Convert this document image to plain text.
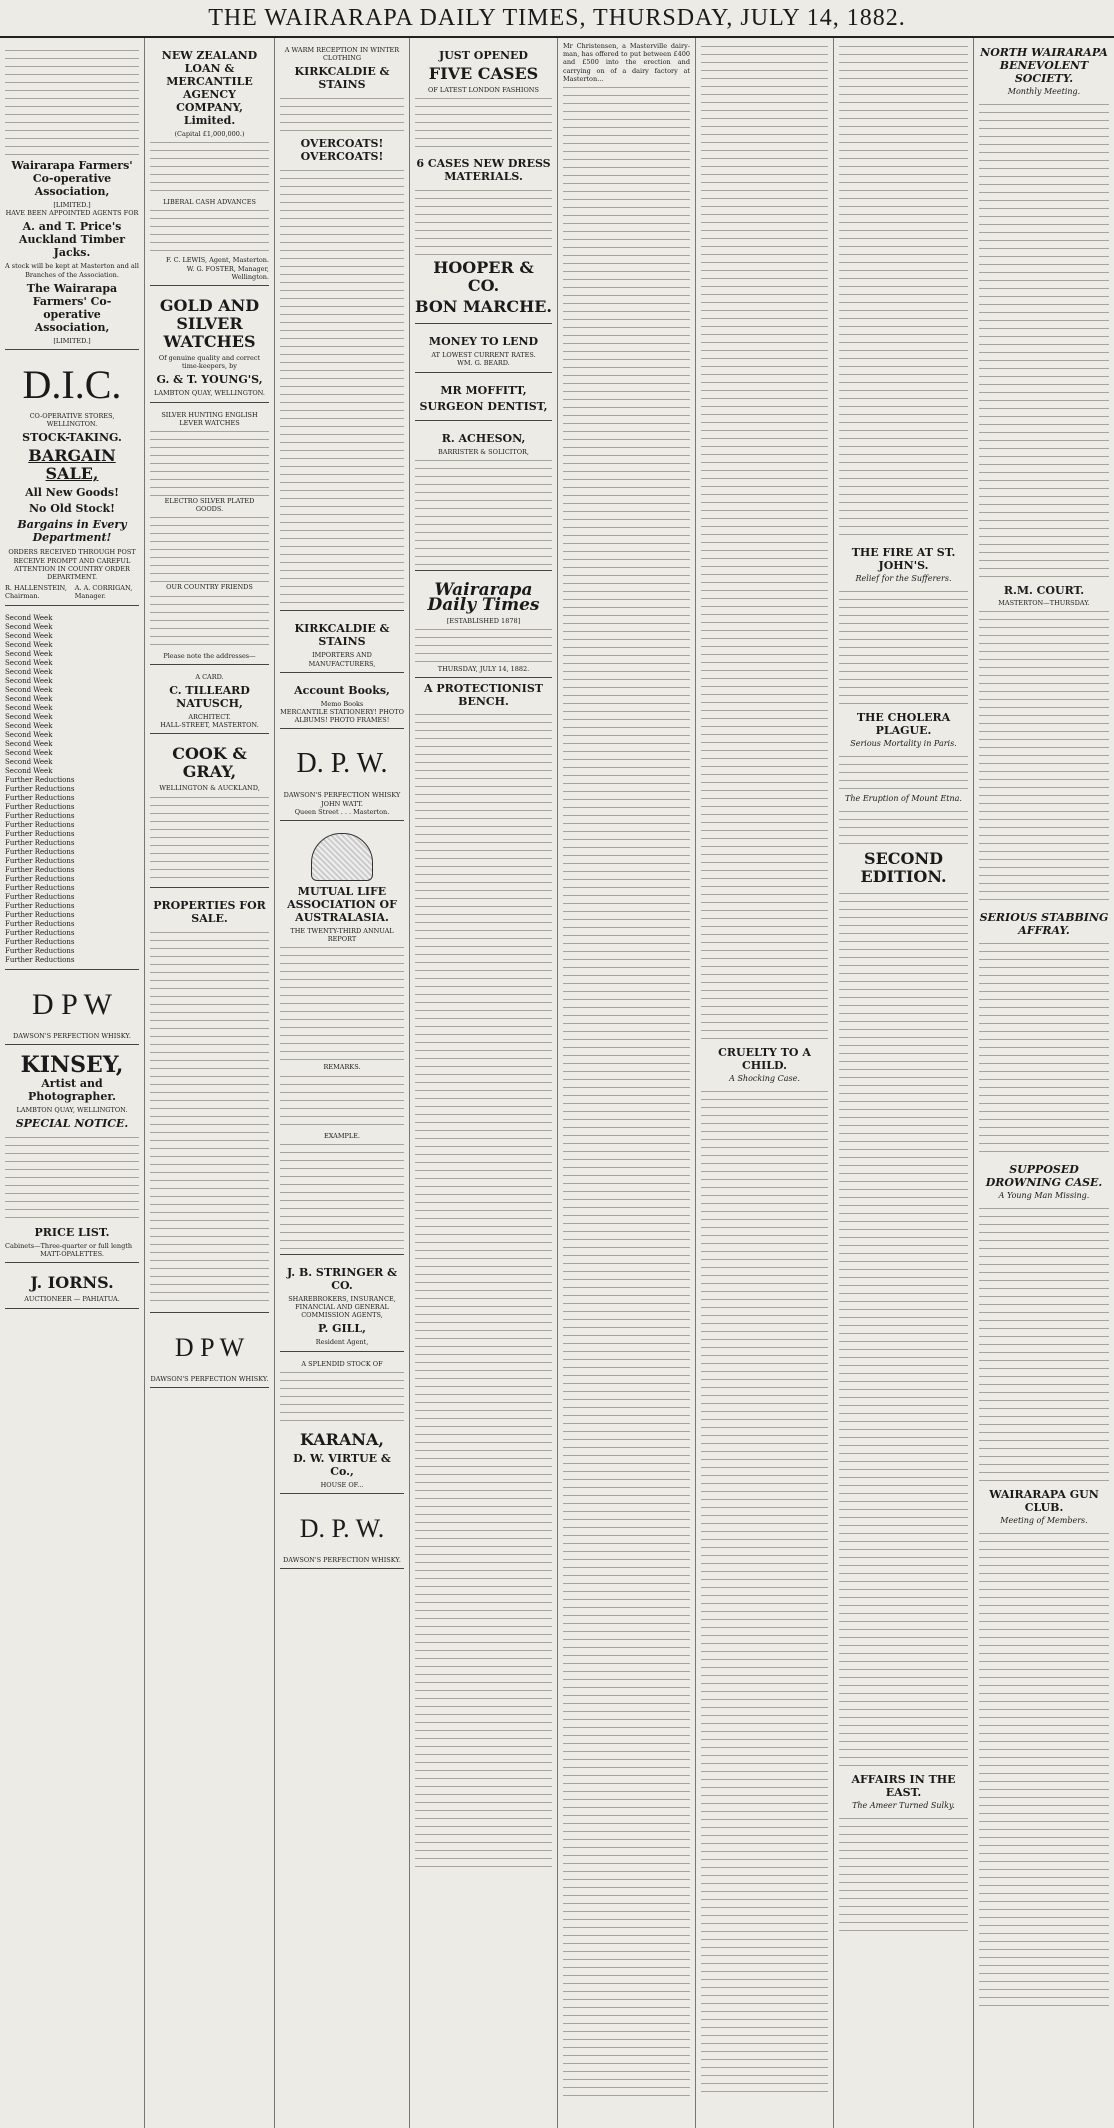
THE WAIRARAPA DAILY TIMES, THURSDAY, JULY 14, 1882.
Wairarapa Farmers' Co-operative Association,
[LIMITED.]
HAVE BEEN APPOINTED AGENTS FOR
A. and T. Price's Auckland Timber Jacks.
A stock will be kept at Masterton and all Branches of the Association.
The Wairarapa Farmers' Co-operative Association,
[LIMITED.]
D.I.C.
CO-OPERATIVE STORES, WELLINGTON.
STOCK-TAKING.
BARGAIN SALE,
All New Goods!
No Old Stock!
Bargains in Every Department!
ORDERS RECEIVED THROUGH POST RECEIVE PROMPT AND CAREFUL ATTENTION IN COUNTRY ORDER DEPARTMENT.
R. HALLENSTEIN, Chairman.
A. A. CORRIGAN, Manager.
Second Week
Second Week
Second Week
Second Week
Second Week
Second Week
Second Week
Second Week
Second Week
Second Week
Second Week
Second Week
Second Week
Second Week
Second Week
Second Week
Second Week
Second Week
Further Reductions
Further Reductions
Further Reductions
Further Reductions
Further Reductions
Further Reductions
Further Reductions
Further Reductions
Further Reductions
Further Reductions
Further Reductions
Further Reductions
Further Reductions
Further Reductions
Further Reductions
Further Reductions
Further Reductions
Further Reductions
Further Reductions
Further Reductions
Further Reductions
D P W
DAWSON'S PERFECTION WHISKY.
KINSEY,
Artist and Photographer.
LAMBTON QUAY, WELLINGTON.
SPECIAL NOTICE.
PRICE LIST.
Cabinets—Three-quarter or full length
MATT-OPALETTES.
J. IORNS.
AUCTIONEER — PAHIATUA.
NEW ZEALAND LOAN & MERCANTILE AGENCY COMPANY, Limited.
(Capital £1,000,000.)
LIBERAL CASH ADVANCES
F. C. LEWIS, Agent, Masterton.
W. G. FOSTER, Manager, Wellington.
GOLD AND SILVER WATCHES
Of genuine quality and correct time-keepers, by
G. & T. YOUNG'S,
LAMBTON QUAY, WELLINGTON.
SILVER HUNTING ENGLISH LEVER WATCHES
ELECTRO SILVER PLATED GOODS.
OUR COUNTRY FRIENDS
Please note the addresses—
A CARD.
C. TILLEARD NATUSCH,
ARCHITECT.
HALL-STREET, MASTERTON.
COOK & GRAY,
WELLINGTON & AUCKLAND,
PROPERTIES FOR SALE.
D P W
DAWSON'S PERFECTION WHISKY.
A WARM RECEPTION IN WINTER CLOTHING
KIRKCALDIE & STAINS
OVERCOATS! OVERCOATS!
KIRKCALDIE & STAINS
IMPORTERS AND MANUFACTURERS,
Account Books,
Memo Books
MERCANTILE STATIONERY! PHOTO ALBUMS! PHOTO FRAMES!
D. P. W.
DAWSON'S PERFECTION WHISKY
JOHN WATT.
Queen Street . . . Masterton.
MUTUAL LIFE ASSOCIATION OF AUSTRALASIA.
THE TWENTY-THIRD ANNUAL REPORT
REMARKS.
EXAMPLE.
J. B. STRINGER & CO.
SHAREBROKERS, INSURANCE, FINANCIAL AND GENERAL COMMISSION AGENTS,
P. GILL,
Resident Agent,
A SPLENDID STOCK OF
KARANA,
D. W. VIRTUE & Co.,
HOUSE OF...
D. P. W.
DAWSON'S PERFECTION WHISKY.
JUST OPENED
FIVE CASES
OF LATEST LONDON FASHIONS
6 CASES NEW DRESS MATERIALS.
HOOPER & CO.
BON MARCHE.
MONEY TO LEND
AT LOWEST CURRENT RATES.
WM. G. BEARD.
MR MOFFITT,
SURGEON DENTIST,
R. ACHESON,
BARRISTER & SOLICITOR,
Wairarapa Daily Times
[ESTABLISHED 1878]
THURSDAY, JULY 14, 1882.
A PROTECTIONIST BENCH.
Mr Christensen, a Masterville dairy-man, has offered to put between £400 and £500 into the erection and carrying on of a dairy factory at Masterton...
CRUELTY TO A CHILD.
A Shocking Case.
THE FIRE AT ST. JOHN'S.
Relief for the Sufferers.
THE CHOLERA PLAGUE.
Serious Mortality in Paris.
The Eruption of Mount Etna.
SECOND EDITION.
AFFAIRS IN THE EAST.
The Ameer Turned Sulky.
NORTH WAIRARAPA BENEVOLENT SOCIETY.
Monthly Meeting.
R.M. COURT.
MASTERTON—THURSDAY.
SERIOUS STABBING AFFRAY.
SUPPOSED DROWNING CASE.
A Young Man Missing.
WAIRARAPA GUN CLUB.
Meeting of Members.
